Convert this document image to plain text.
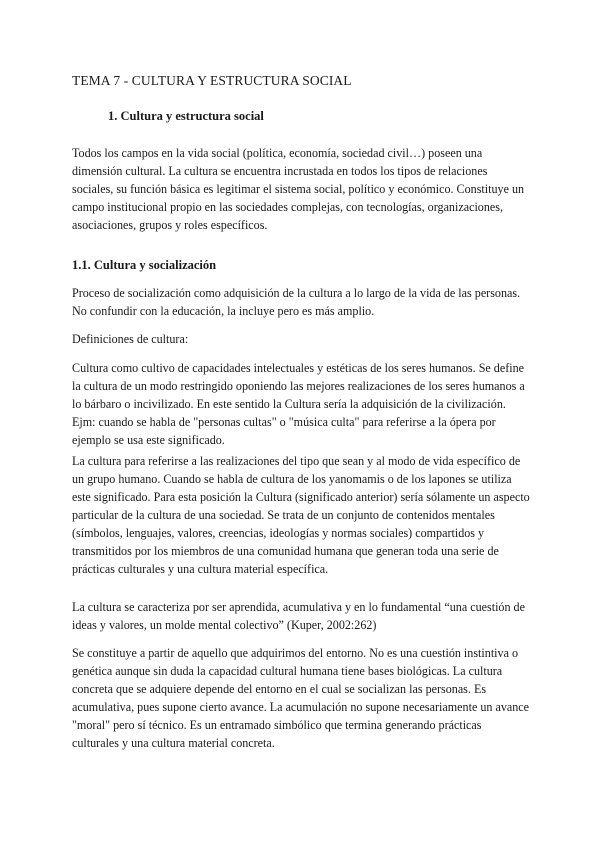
TEMA 7 - CULTURA Y ESTRUCTURA SOCIAL
1. Cultura y estructura social

Todos los campos en la vida social (política, economía, sociedad civil…) poseen una dimensión cultural. La cultura se encuentra incrustada en todos los tipos de relaciones sociales, su función básica es legitimar el sistema social, político y económico. Constituye un campo institucional propio en las sociedades complejas, con tecnologías, organizaciones, asociaciones, grupos y roles específicos.

1.1. Cultura y socialización

Proceso de socialización como adquisición de la cultura a lo largo de la vida de las personas. No confundir con la educación, la incluye pero es más amplio.

Definiciones de cultura:

Cultura como cultivo de capacidades intelectuales y estéticas de los seres humanos. Se define la cultura de un modo restringido oponiendo las mejores realizaciones de los seres humanos a lo bárbaro o incivilizado. En este sentido la Cultura sería la adquisición de la civilización. Ejm: cuando se habla de "personas cultas" o "música culta" para referirse a la ópera por ejemplo se usa este significado.

La cultura para referirse a las realizaciones del tipo que sean y al modo de vida específico de un grupo humano. Cuando se habla de cultura de los yanomamis o de los lapones se utiliza este significado. Para esta posición la Cultura (significado anterior) sería sólamente un aspecto particular de la cultura de una sociedad. Se trata de un conjunto de contenidos mentales (símbolos, lenguajes, valores, creencias, ideologías y normas sociales) compartidos y transmitidos por los miembros de una comunidad humana que generan toda una serie de prácticas culturales y una cultura material específica.

La cultura se caracteriza por ser aprendida, acumulativa y en lo fundamental “una cuestión de ideas y valores, un molde mental colectivo” (Kuper, 2002:262)

Se constituye a partir de aquello que adquirimos del entorno. No es una cuestión instintiva o genética aunque sin duda la capacidad cultural humana tiene bases biológicas. La cultura concreta que se adquiere depende del entorno en el cual se socializan las personas. Es acumulativa, pues supone cierto avance. La acumulación no supone necesariamente un avance "moral" pero sí técnico. Es un entramado simbólico que termina generando prácticas culturales y una cultura material concreta.
